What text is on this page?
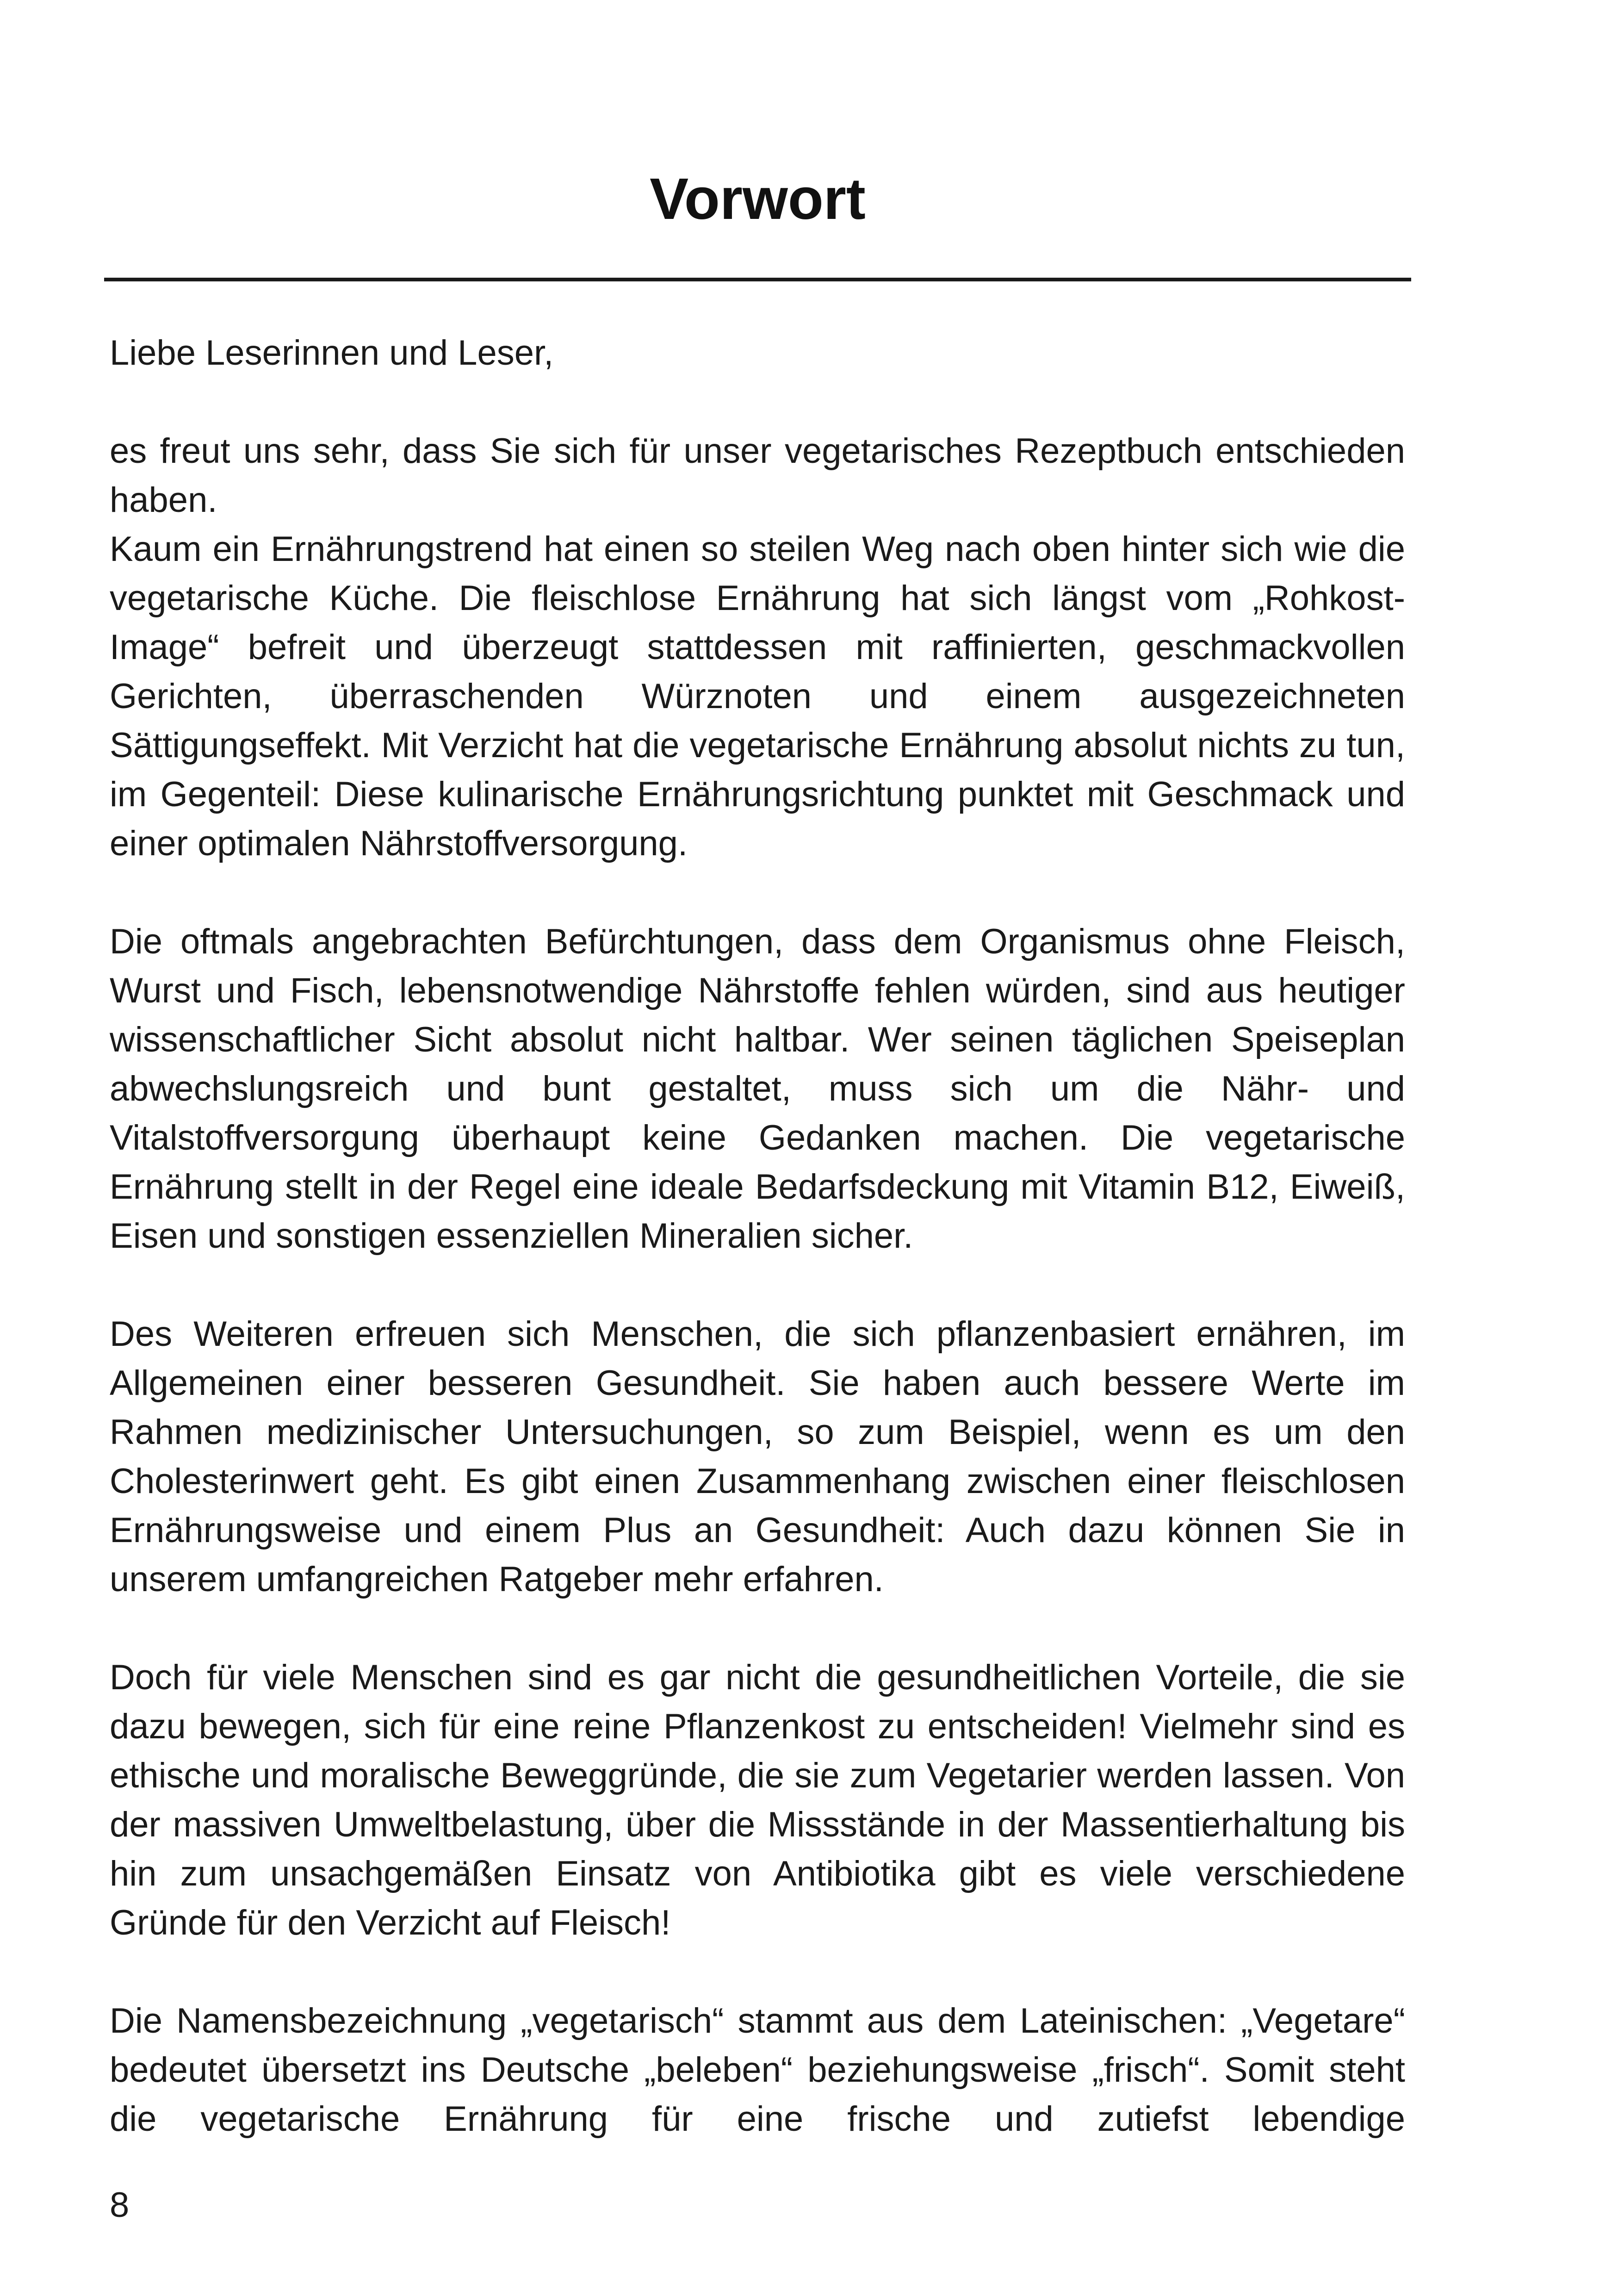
Vorwort

Liebe Leserinnen und Leser,

es freut uns sehr, dass Sie sich für unser vegetarisches Rezeptbuch entschieden haben.

Kaum ein Ernährungstrend hat einen so steilen Weg nach oben hinter sich wie die vegetarische Küche. Die fleischlose Ernährung hat sich längst vom „Rohkost-Image“ befreit und überzeugt stattdessen mit raffinierten, geschmackvollen Gerichten, überraschenden Würznoten und einem ausgezeichneten Sättigungseffekt. Mit Verzicht hat die vegetarische Ernährung absolut nichts zu tun, im Gegenteil: Diese kulinarische Ernährungsrichtung punktet mit Geschmack und einer optimalen Nährstoffversorgung.

Die oftmals angebrachten Befürchtungen, dass dem Organismus ohne Fleisch, Wurst und Fisch, lebensnotwendige Nährstoffe fehlen würden, sind aus heutiger wissenschaftlicher Sicht absolut nicht haltbar. Wer seinen täglichen Speiseplan abwechslungsreich und bunt gestaltet, muss sich um die Nähr- und Vitalstoffversorgung überhaupt keine Gedanken machen. Die vegetarische Ernährung stellt in der Regel eine ideale Bedarfsdeckung mit Vitamin B12, Eiweiß, Eisen und sonstigen essenziellen Mineralien sicher.

Des Weiteren erfreuen sich Menschen, die sich pflanzenbasiert ernähren, im Allgemeinen einer besseren Gesundheit. Sie haben auch bessere Werte im Rahmen medizinischer Untersuchungen, so zum Beispiel, wenn es um den Cholesterinwert geht. Es gibt einen Zusammenhang zwischen einer fleischlosen Ernährungsweise und einem Plus an Gesundheit: Auch dazu können Sie in unserem umfangreichen Ratgeber mehr erfahren.

Doch für viele Menschen sind es gar nicht die gesundheitlichen Vorteile, die sie dazu bewegen, sich für eine reine Pflanzenkost zu entscheiden! Vielmehr sind es ethische und moralische Beweggründe, die sie zum Vegetarier werden lassen. Von der massiven Umweltbelastung, über die Missstände in der Massentierhaltung bis hin zum unsachgemäßen Einsatz von Antibiotika gibt es viele verschiedene Gründe für den Verzicht auf Fleisch!

Die Namensbezeichnung „vegetarisch“ stammt aus dem Lateinischen: „Vegetare“ bedeutet übersetzt ins Deutsche „beleben“ beziehungsweise „frisch“. Somit steht die vegetarische Ernährung für eine frische und zutiefst lebendige

8
